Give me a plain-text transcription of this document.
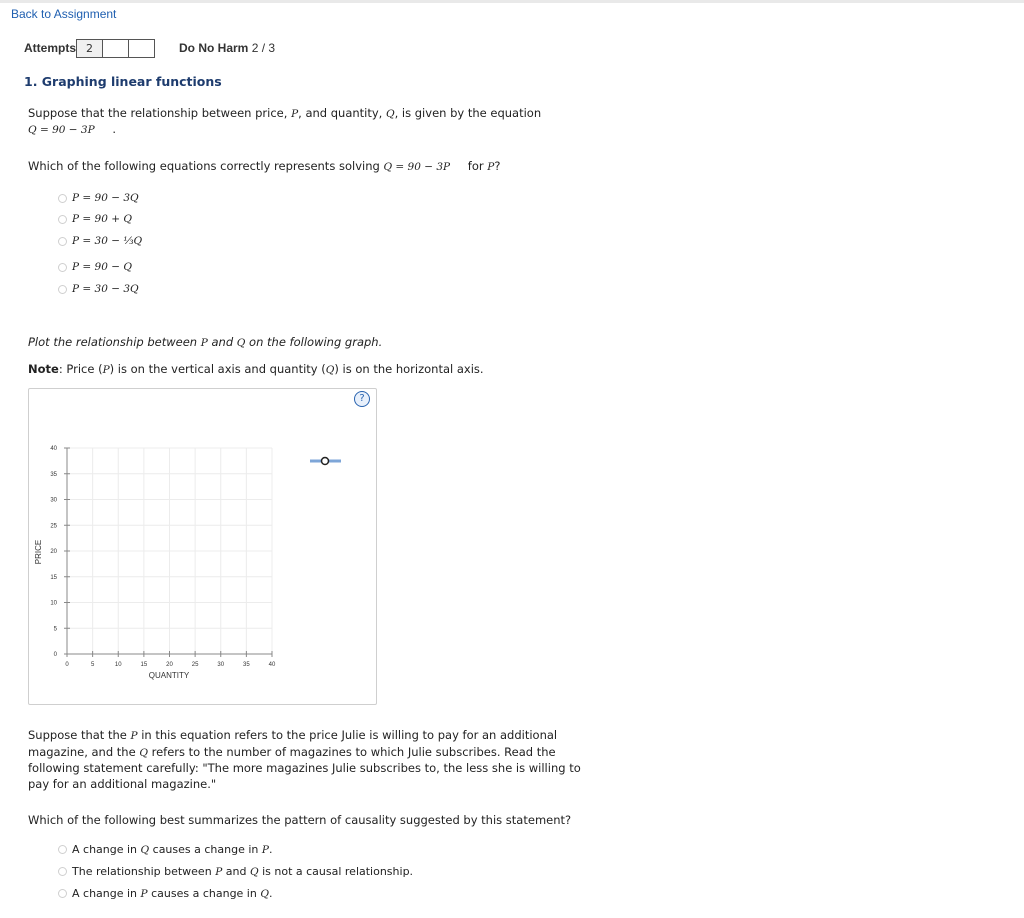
Back to Assignment
Attempts 2	Do No Harm 2 / 3
1. Graphing linear functions
Suppose that the relationship between price, P, and quantity, Q, is given by the equation
Q = 90 − 3P .
Which of the following equations correctly represents solving Q = 90 − 3P for P?
P = 90 − 3Q
P = 90 + Q
P = 30 − ⅓Q
P = 90 − Q
P = 30 − 3Q
Plot the relationship between P and Q on the following graph.
Note: Price (P) is on the vertical axis and quantity (Q) is on the horizontal axis.
?
0	5	10	15	20	25	30	35	40
0
5
10
15
20
25
30
35
40
QUANTITY
PRICE
Suppose that the P in this equation refers to the price Julie is willing to pay for an additional
magazine, and the Q refers to the number of magazines to which Julie subscribes. Read the
following statement carefully: "The more magazines Julie subscribes to, the less she is willing to
pay for an additional magazine."
Which of the following best summarizes the pattern of causality suggested by this statement?
A change in
Q
causes a change in
P .
The relationship between
P
and
Q
is not a causal relationship.
A change in
P
causes a change in
Q .
